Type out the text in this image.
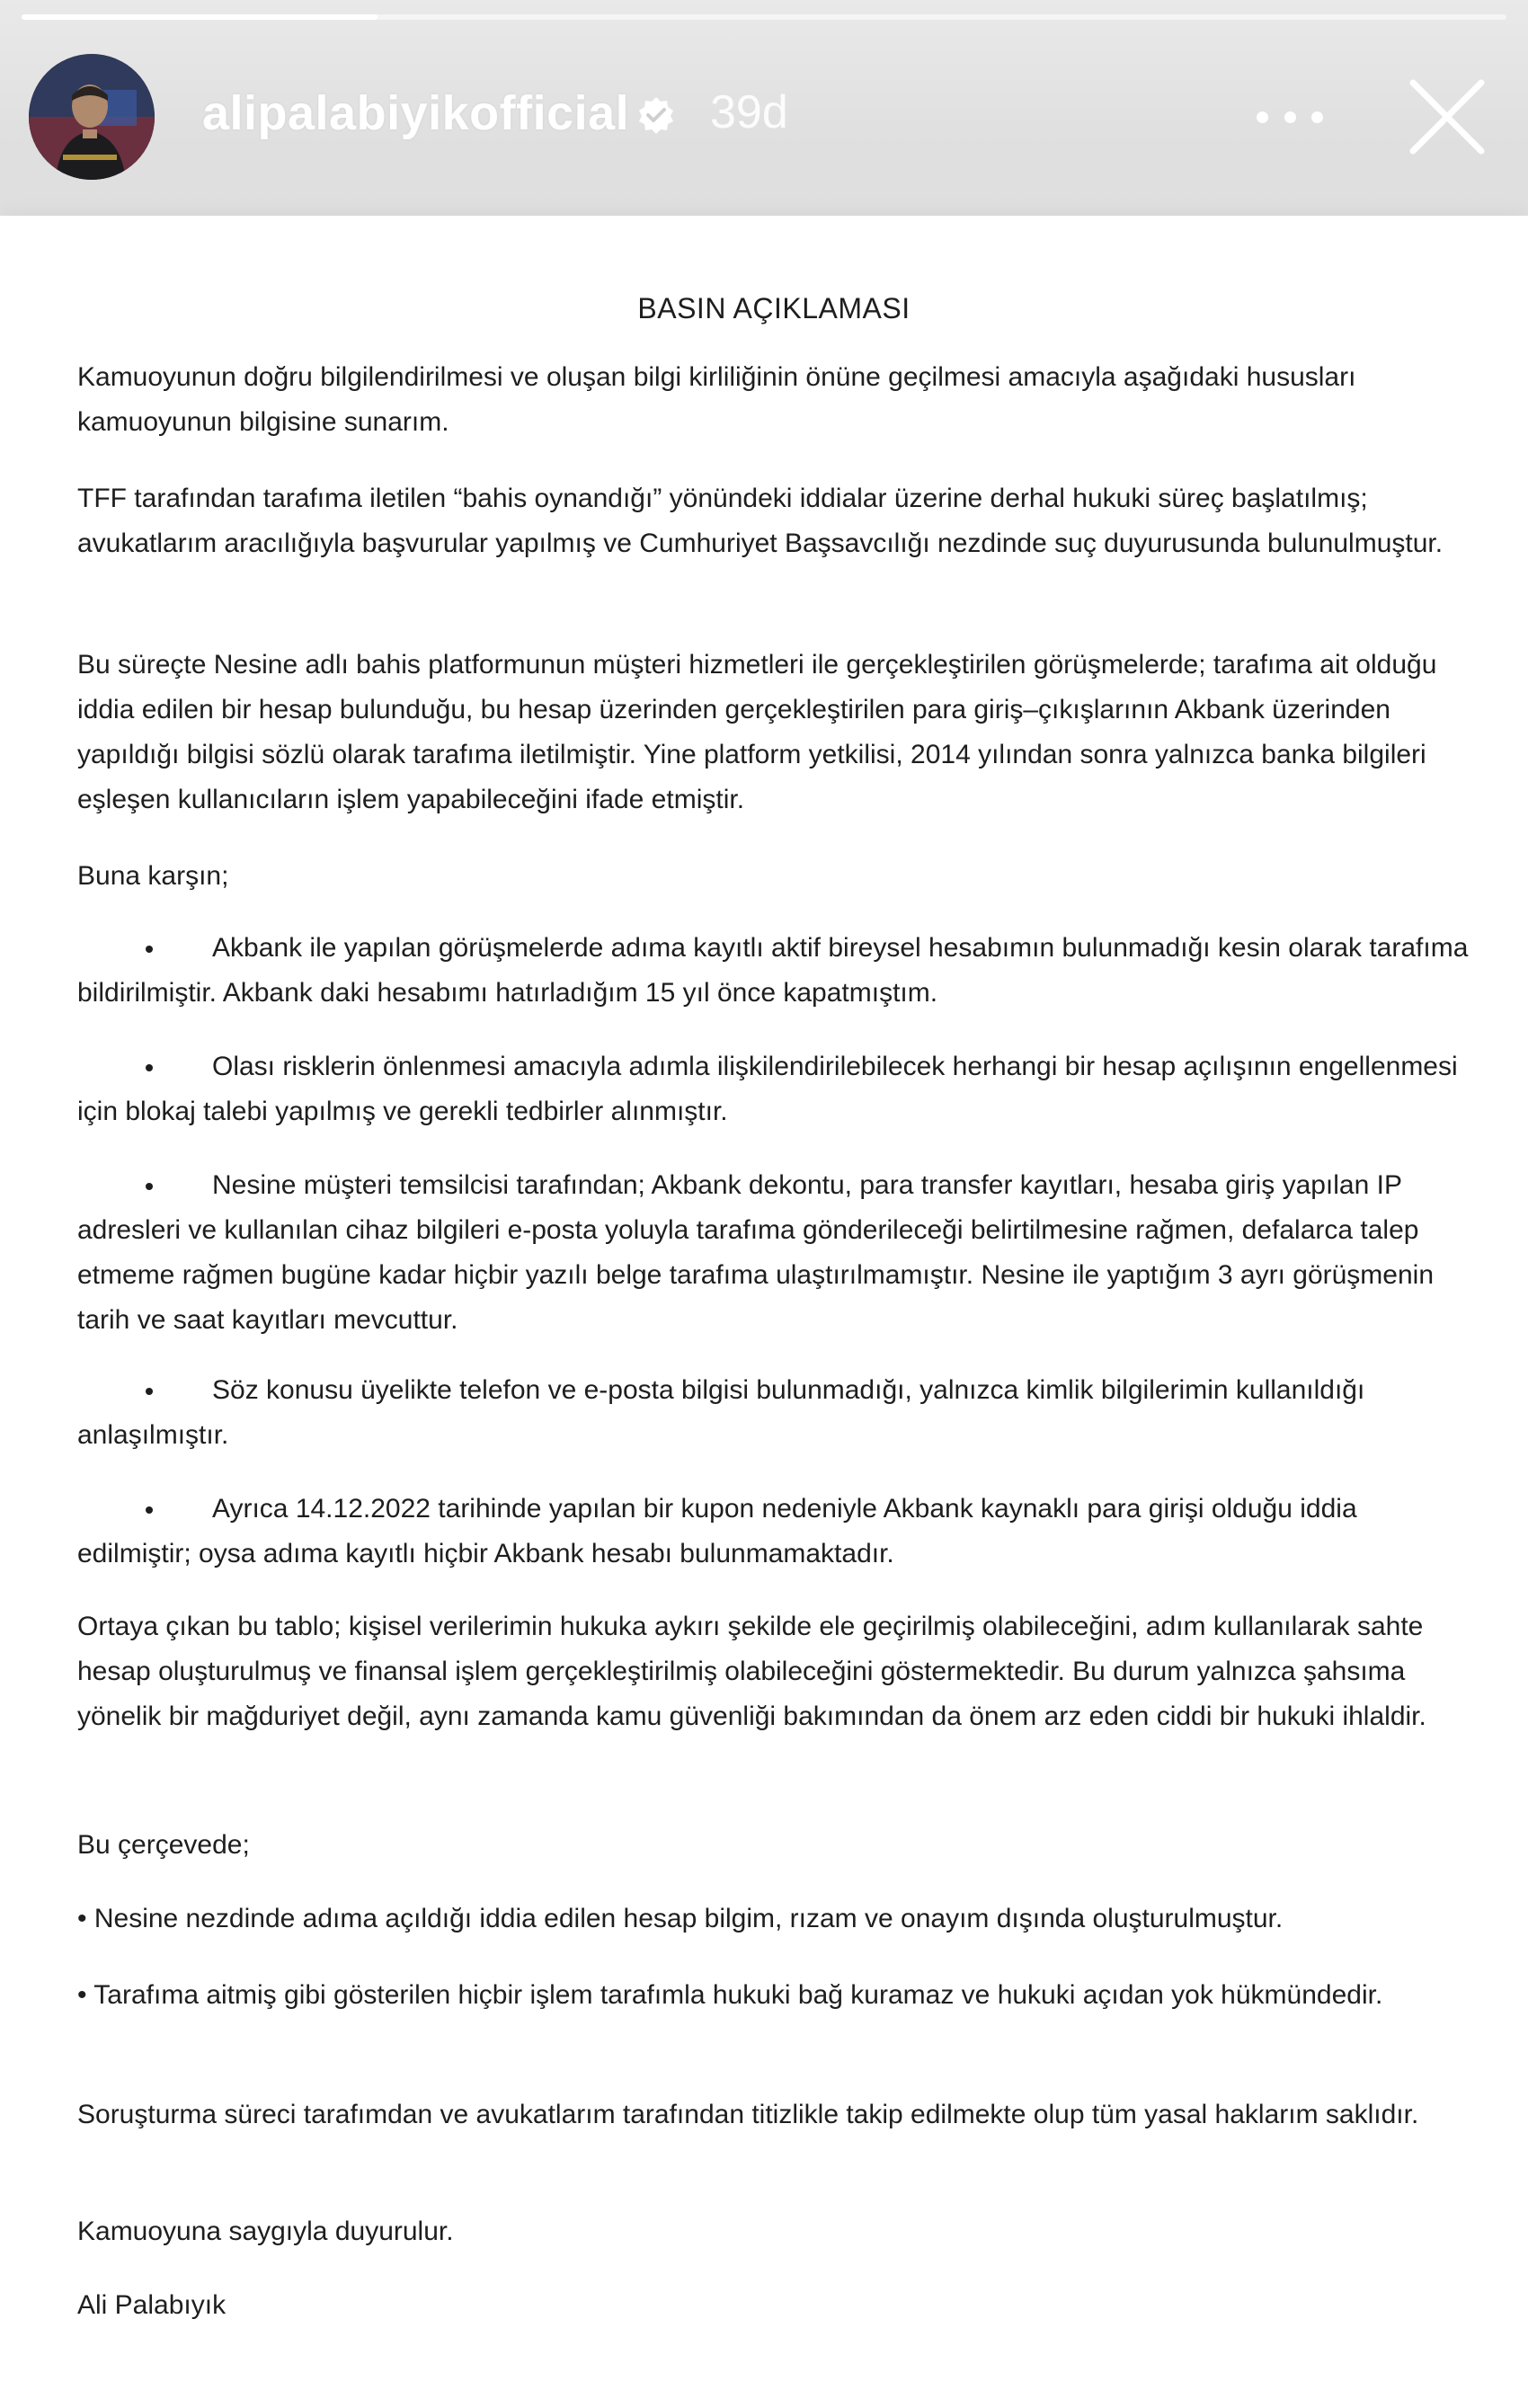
alipalabiyikofficial 39d
BASIN AÇIKLAMASI

Kamuoyunun doğru bilgilendirilmesi ve oluşan bilgi kirliliğinin önüne geçilmesi amacıyla aşağıdaki hususları kamuoyunun bilgisine sunarım.

TFF tarafından tarafıma iletilen “bahis oynandığı” yönündeki iddialar üzerine derhal hukuki süreç başlatılmış; avukatlarım aracılığıyla başvurular yapılmış ve Cumhuriyet Başsavcılığı nezdinde suç duyurusunda bulunulmuştur.

Bu süreçte Nesine adlı bahis platformunun müşteri hizmetleri ile gerçekleştirilen görüşmelerde; tarafıma ait olduğu iddia edilen bir hesap bulunduğu, bu hesap üzerinden gerçekleştirilen para giriş–çıkışlarının Akbank üzerinden yapıldığı bilgisi sözlü olarak tarafıma iletilmiştir. Yine platform yetkilisi, 2014 yılından sonra yalnızca banka bilgileri eşleşen kullanıcıların işlem yapabileceğini ifade etmiştir.

Buna karşın;

Akbank ile yapılan görüşmelerde adıma kayıtlı aktif bireysel hesabımın bulunmadığı kesin olarak tarafıma bildirilmiştir. Akbank daki hesabımı hatırladığım 15 yıl önce kapatmıştım.

Olası risklerin önlenmesi amacıyla adımla ilişkilendirilebilecek herhangi bir hesap açılışının engellenmesi için blokaj talebi yapılmış ve gerekli tedbirler alınmıştır.

Nesine müşteri temsilcisi tarafından; Akbank dekontu, para transfer kayıtları, hesaba giriş yapılan IP adresleri ve kullanılan cihaz bilgileri e-posta yoluyla tarafıma gönderileceği belirtilmesine rağmen, defalarca talep etmeme rağmen bugüne kadar hiçbir yazılı belge tarafıma ulaştırılmamıştır. Nesine ile yaptığım 3 ayrı görüşmenin tarih ve saat kayıtları mevcuttur.

Söz konusu üyelikte telefon ve e-posta bilgisi bulunmadığı, yalnızca kimlik bilgilerimin kullanıldığı anlaşılmıştır.

Ayrıca 14.12.2022 tarihinde yapılan bir kupon nedeniyle Akbank kaynaklı para girişi olduğu iddia edilmiştir; oysa adıma kayıtlı hiçbir Akbank hesabı bulunmamaktadır.

Ortaya çıkan bu tablo; kişisel verilerimin hukuka aykırı şekilde ele geçirilmiş olabileceğini, adım kullanılarak sahte hesap oluşturulmuş ve finansal işlem gerçekleştirilmiş olabileceğini göstermektedir. Bu durum yalnızca şahsıma yönelik bir mağduriyet değil, aynı zamanda kamu güvenliği bakımından da önem arz eden ciddi bir hukuki ihlaldir.

Bu çerçevede;

• Nesine nezdinde adıma açıldığı iddia edilen hesap bilgim, rızam ve onayım dışında oluşturulmuştur.

• Tarafıma aitmiş gibi gösterilen hiçbir işlem tarafımla hukuki bağ kuramaz ve hukuki açıdan yok hükmündedir.

Soruşturma süreci tarafımdan ve avukatlarım tarafından titizlikle takip edilmekte olup tüm yasal haklarım saklıdır.

Kamuoyuna saygıyla duyurulur.

Ali Palabıyık
